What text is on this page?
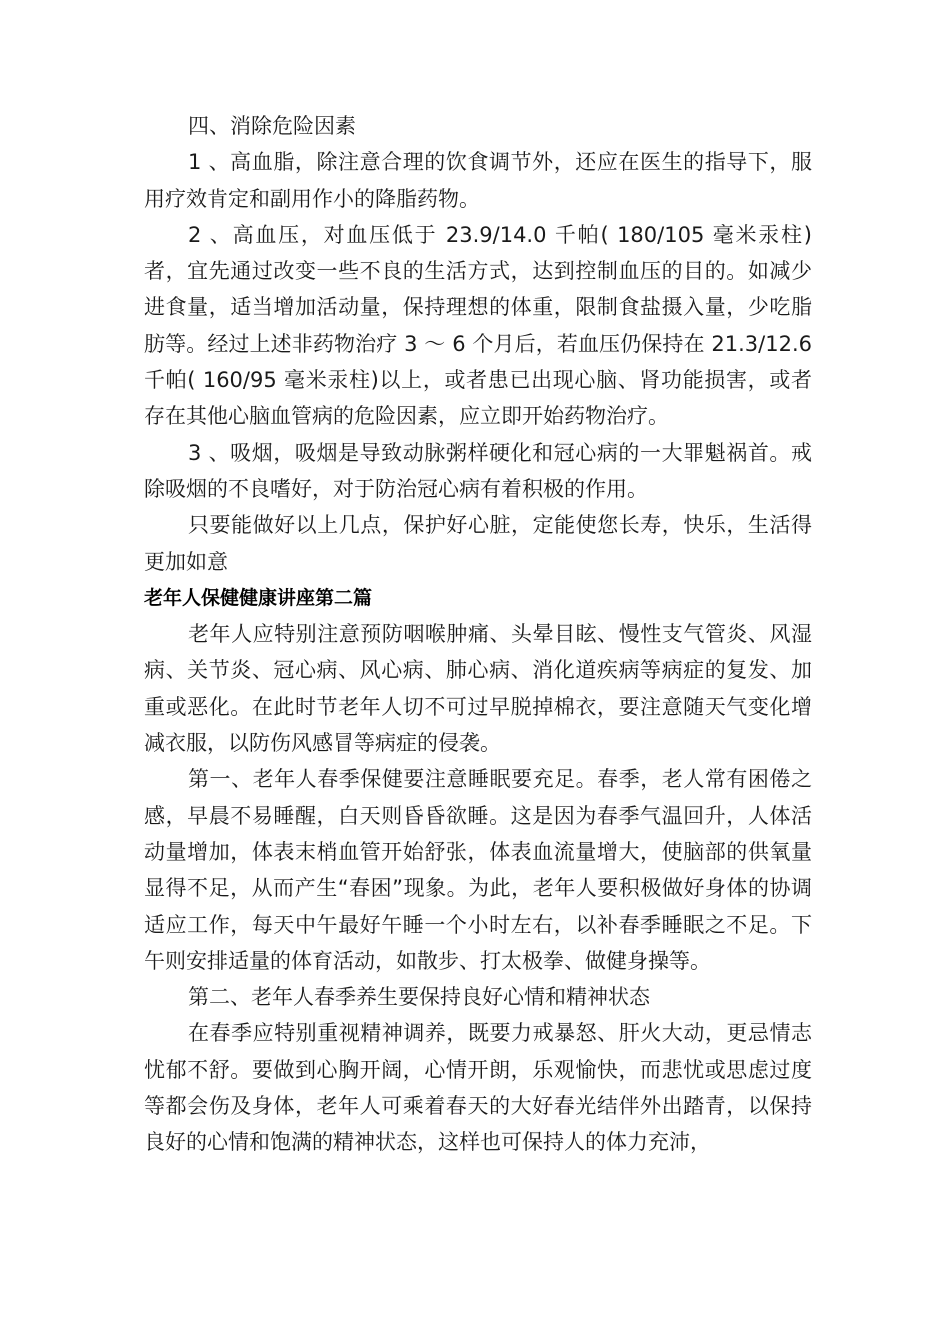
四、消除危险因素

1 、高血脂，除注意合理的饮食调节外，还应在医生的指导下，服用疗效肯定和副用作小的降脂药物。

2 、高血压，对血压低于 23.9/14.0 千帕( 180/105 毫米汞柱)者，宜先通过改变一些不良的生活方式，达到控制血压的目的。如减少进食量，适当增加活动量，保持理想的体重，限制食盐摄入量，少吃脂肪等。经过上述非药物治疗 3 ～ 6 个月后，若血压仍保持在 21.3/12.6 千帕( 160/95 毫米汞柱)以上，或者患已出现心脑、肾功能损害，或者存在其他心脑血管病的危险因素，应立即开始药物治疗。

3 、吸烟，吸烟是导致动脉粥样硬化和冠心病的一大罪魁祸首。戒除吸烟的不良嗜好，对于防治冠心病有着积极的作用。

只要能做好以上几点，保护好心脏，定能使您长寿，快乐，生活得更加如意

老年人保健健康讲座第二篇

老年人应特别注意预防咽喉肿痛、头晕目眩、慢性支气管炎、风湿病、关节炎、冠心病、风心病、肺心病、消化道疾病等病症的复发、加重或恶化。在此时节老年人切不可过早脱掉棉衣，要注意随天气变化增减衣服，以防伤风感冒等病症的侵袭。

第一、老年人春季保健要注意睡眠要充足。春季，老人常有困倦之感，早晨不易睡醒，白天则昏昏欲睡。这是因为春季气温回升，人体活动量增加，体表末梢血管开始舒张，体表血流量增大，使脑部的供氧量显得不足，从而产生“春困”现象。为此，老年人要积极做好身体的协调适应工作，每天中午最好午睡一个小时左右，以补春季睡眠之不足。下午则安排适量的体育活动，如散步、打太极拳、做健身操等。

第二、老年人春季养生要保持良好心情和精神状态

在春季应特别重视精神调养，既要力戒暴怒、肝火大动，更忌情志忧郁不舒。要做到心胸开阔，心情开朗，乐观愉快，而悲忧或思虑过度等都会伤及身体，老年人可乘着春天的大好春光结伴外出踏青，以保持良好的心情和饱满的精神状态，这样也可保持人的体力充沛，
